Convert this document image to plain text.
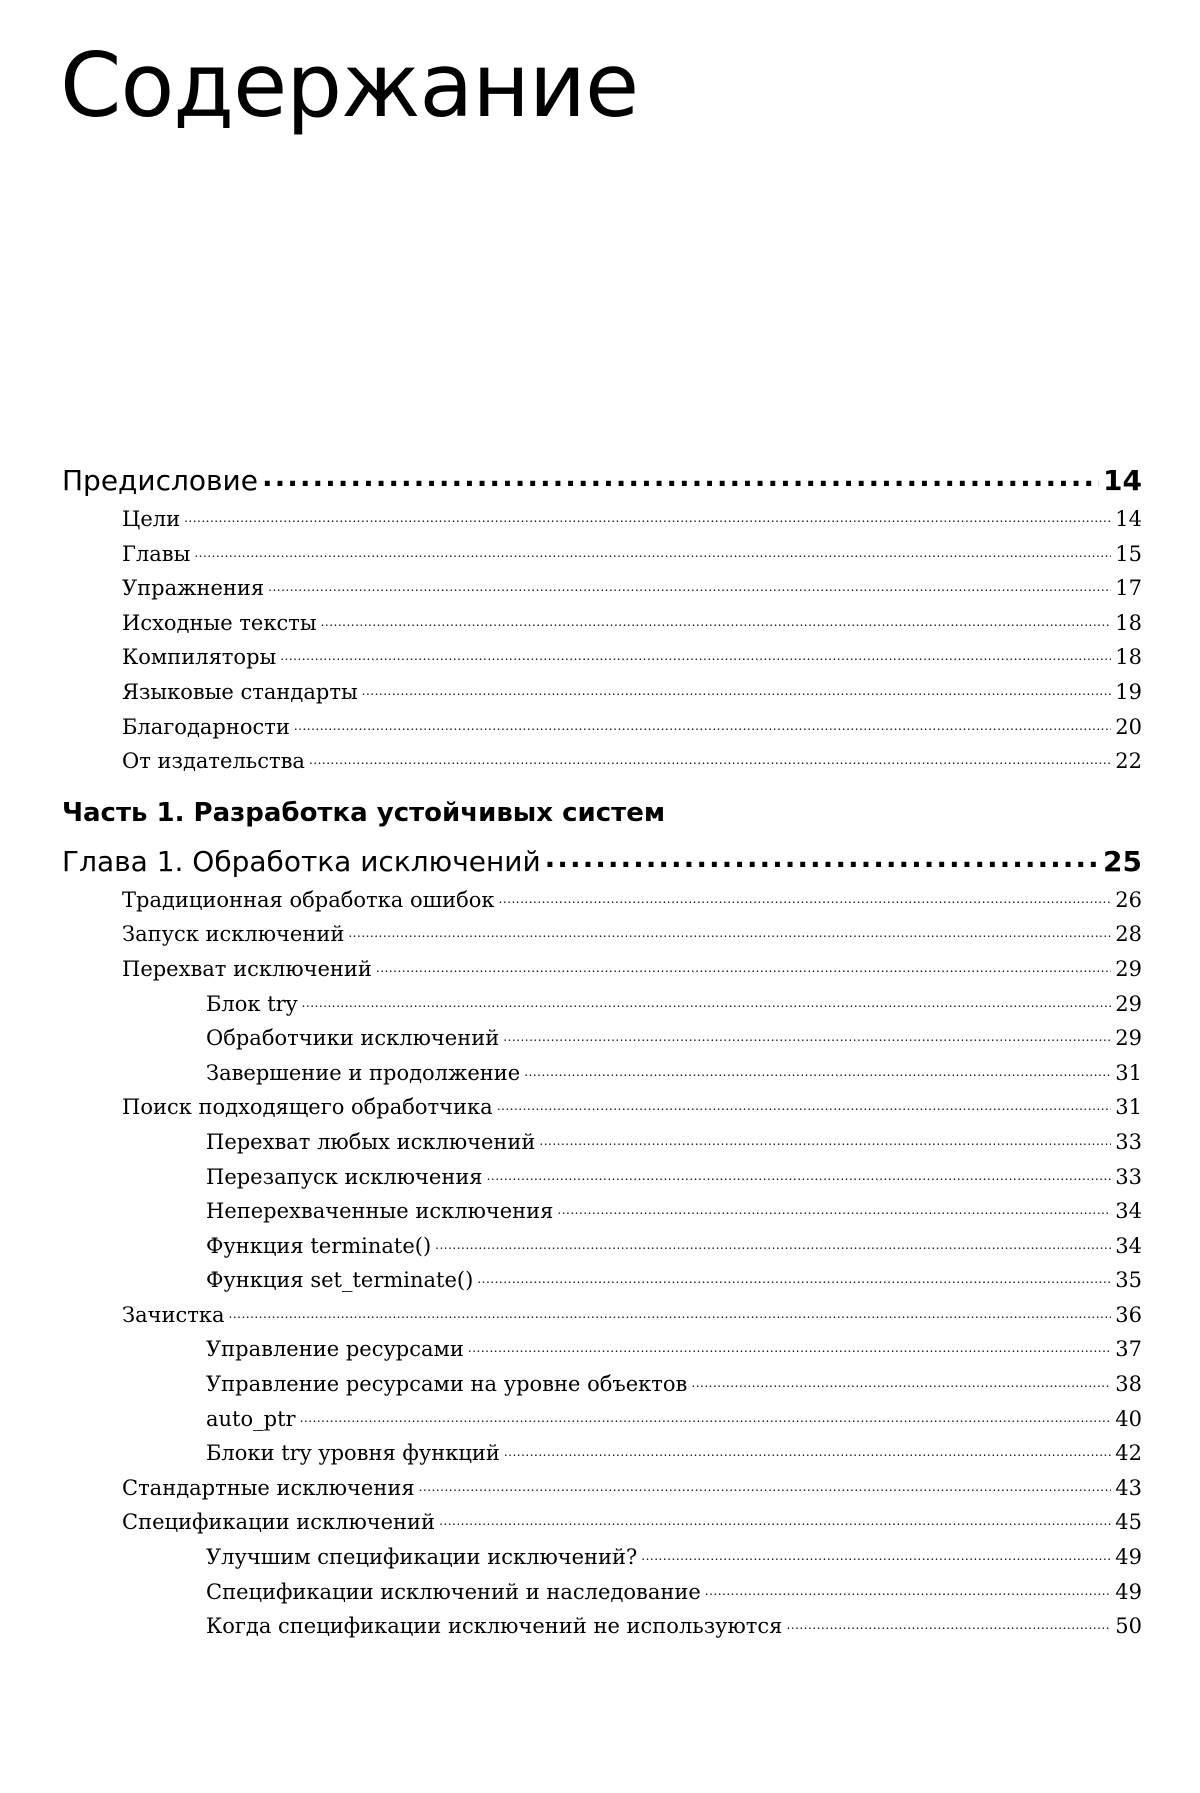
Содержание
Предисловие .....	14
Цели .....	14
Главы .....	15
Упражнения .....	17
Исходные тексты .....	18
Компиляторы .....	18
Языковые стандарты .....	19
Благодарности .....	20
От издательства .....	22
Часть 1. Разработка устойчивых систем
Глава 1. Обработка исключений .....	25
Традиционная обработка ошибок .....	26
Запуск исключений .....	28
Перехват исключений .....	29
Блок try .....	29
Обработчики исключений .....	29
Завершение и продолжение .....	31
Поиск подходящего обработчика .....	31
Перехват любых исключений .....	33
Перезапуск исключения .....	33
Неперехваченные исключения .....	34
Функция terminate() .....	34
Функция set_terminate() .....	35
Зачистка .....	36
Управление ресурсами .....	37
Управление ресурсами на уровне объектов .....	38
auto_ptr .....	40
Блоки try уровня функций .....	42
Стандартные исключения .....	43
Спецификации исключений .....	45
Улучшим спецификации исключений? .....	49
Спецификации исключений и наследование .....	49
Когда спецификации исключений не используются .....	50
